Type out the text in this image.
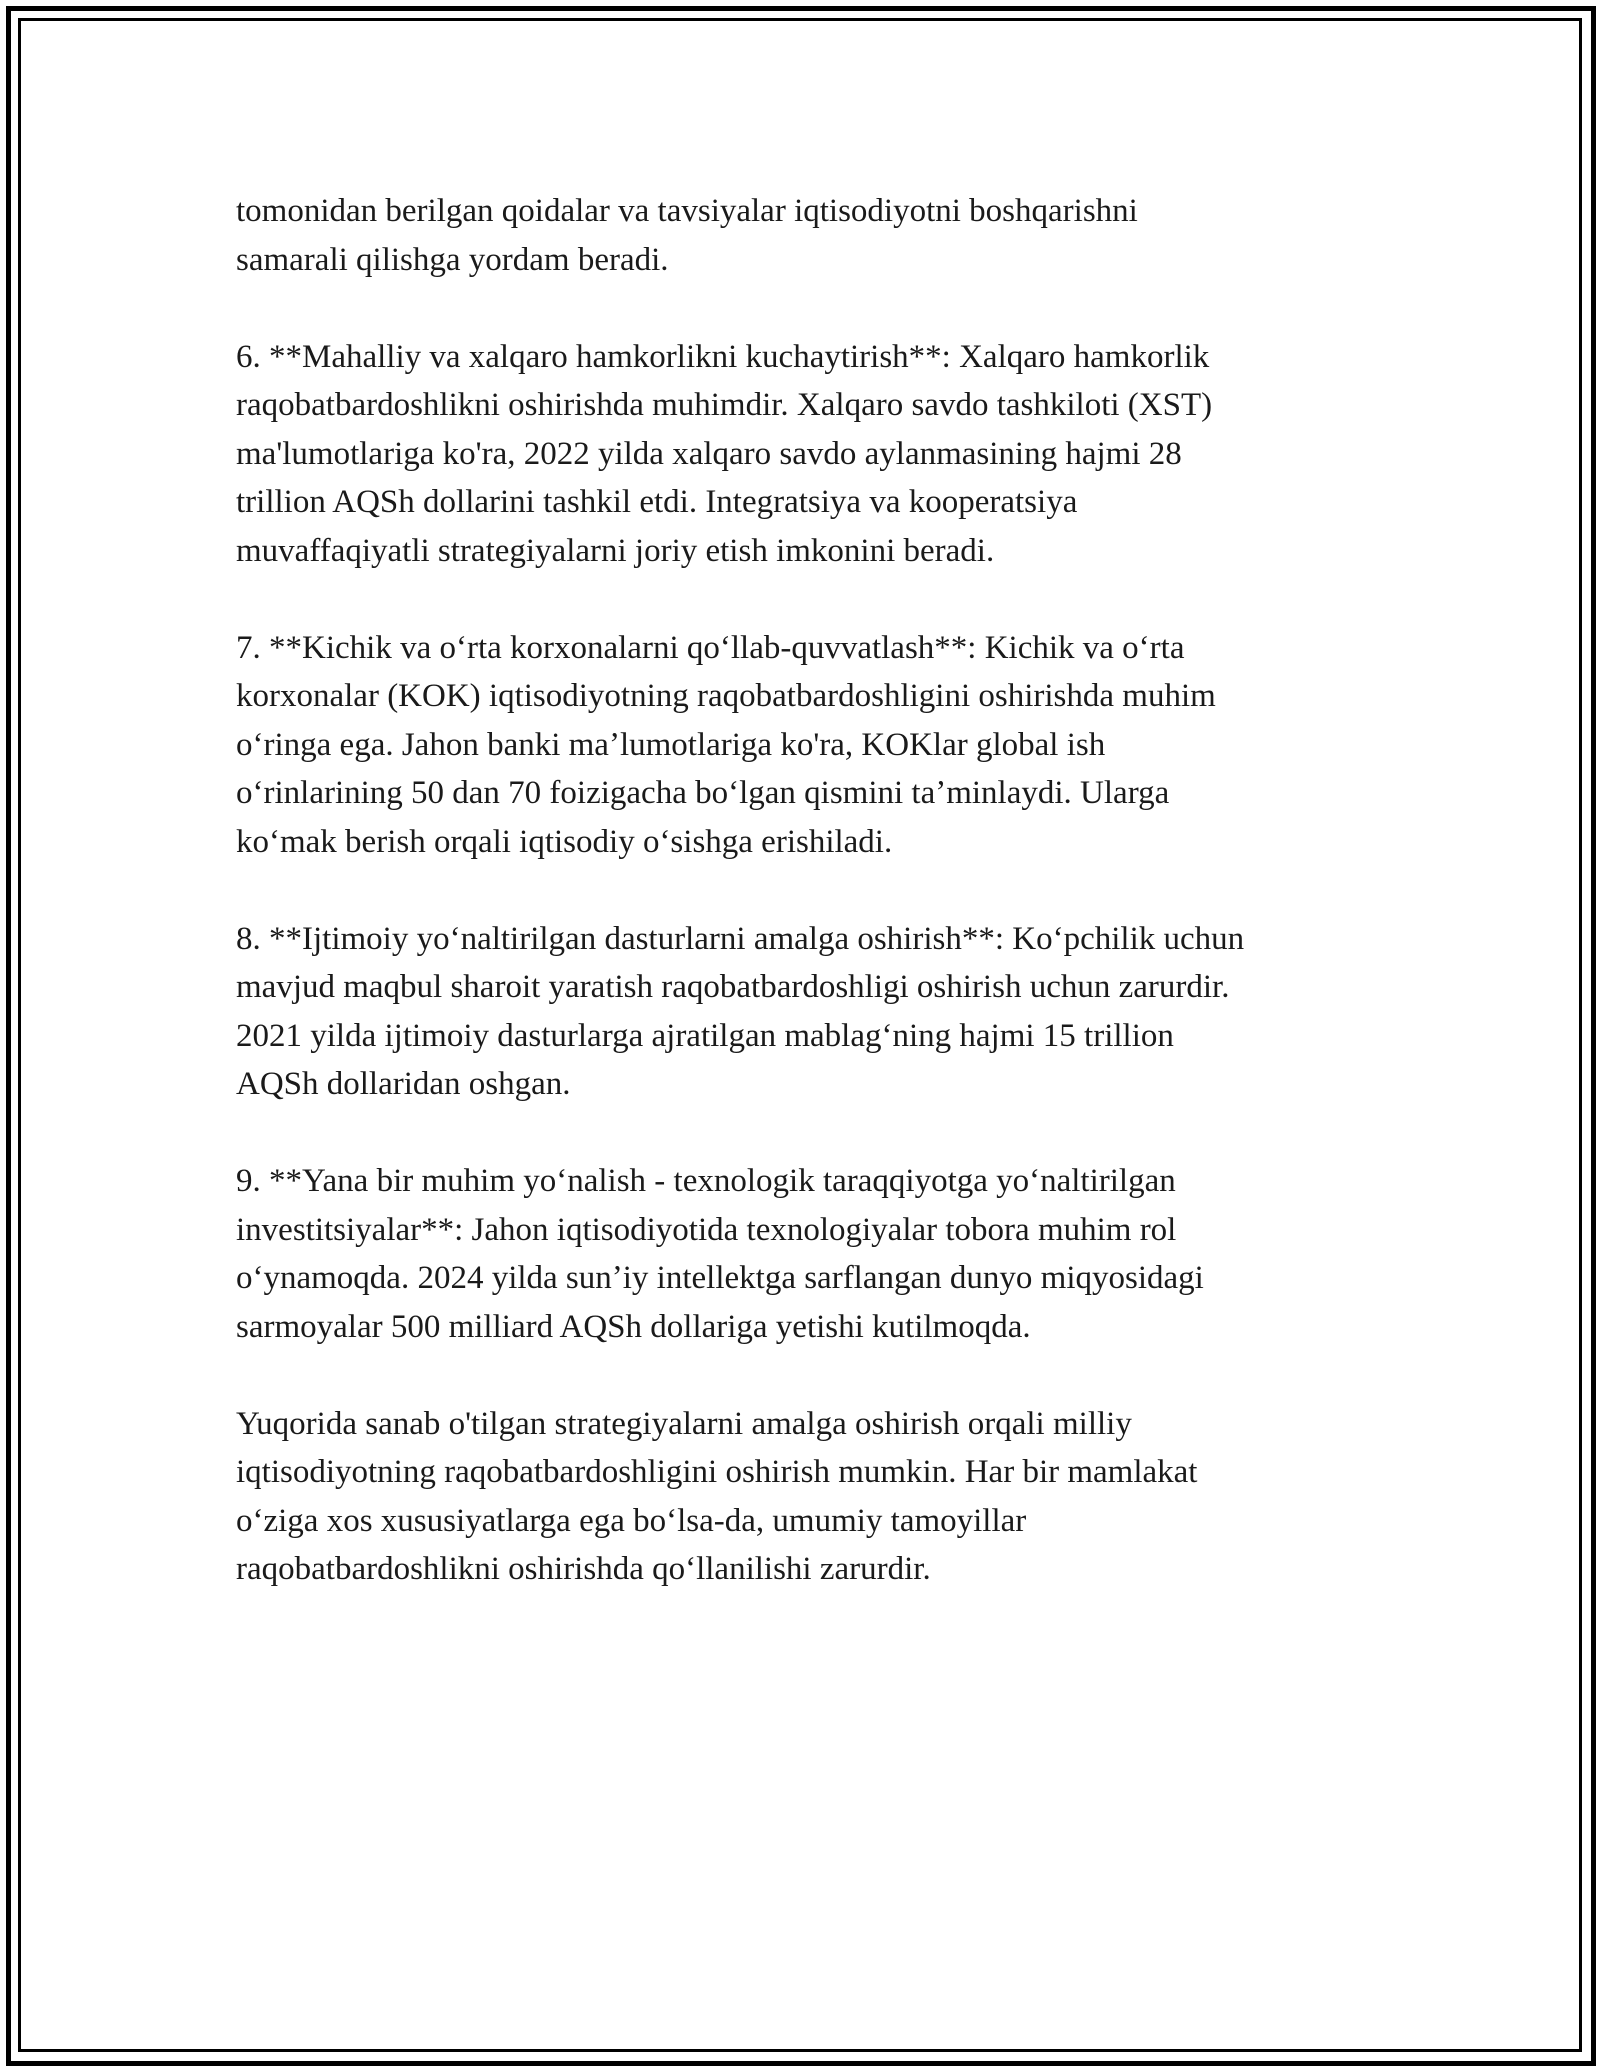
tomonidan berilgan qoidalar va tavsiyalar iqtisodiyotni boshqarishni
samarali qilishga yordam beradi.

6. **Mahalliy va xalqaro hamkorlikni kuchaytirish**: Xalqaro hamkorlik
raqobatbardoshlikni oshirishda muhimdir. Xalqaro savdo tashkiloti (XST)
ma'lumotlariga ko'ra, 2022 yilda xalqaro savdo aylanmasining hajmi 28
trillion AQSh dollarini tashkil etdi. Integratsiya va kooperatsiya
muvaffaqiyatli strategiyalarni joriy etish imkonini beradi.

7. **Kichik va oʻrta korxonalarni qoʻllab-quvvatlash**: Kichik va oʻrta
korxonalar (KOK) iqtisodiyotning raqobatbardoshligini oshirishda muhim
oʻringa ega. Jahon banki maʼlumotlariga ko'ra, KOKlar global ish
oʻrinlarining 50 dan 70 foizigacha boʻlgan qismini taʼminlaydi. Ularga
koʻmak berish orqali iqtisodiy oʻsishga erishiladi.

8. **Ijtimoiy yoʻnaltirilgan dasturlarni amalga oshirish**: Koʻpchilik uchun
mavjud maqbul sharoit yaratish raqobatbardoshligi oshirish uchun zarurdir.
2021 yilda ijtimoiy dasturlarga ajratilgan mablagʻning hajmi 15 trillion
AQSh dollaridan oshgan.

9. **Yana bir muhim yoʻnalish - texnologik taraqqiyotga yoʻnaltirilgan
investitsiyalar**: Jahon iqtisodiyotida texnologiyalar tobora muhim rol
oʻynamoqda. 2024 yilda sunʼiy intellektga sarflangan dunyo miqyosidagi
sarmoyalar 500 milliard AQSh dollariga yetishi kutilmoqda.

Yuqorida sanab o'tilgan strategiyalarni amalga oshirish orqali milliy
iqtisodiyotning raqobatbardoshligini oshirish mumkin. Har bir mamlakat
oʻziga xos xususiyatlarga ega boʻlsa-da, umumiy tamoyillar
raqobatbardoshlikni oshirishda qoʻllanilishi zarurdir.
